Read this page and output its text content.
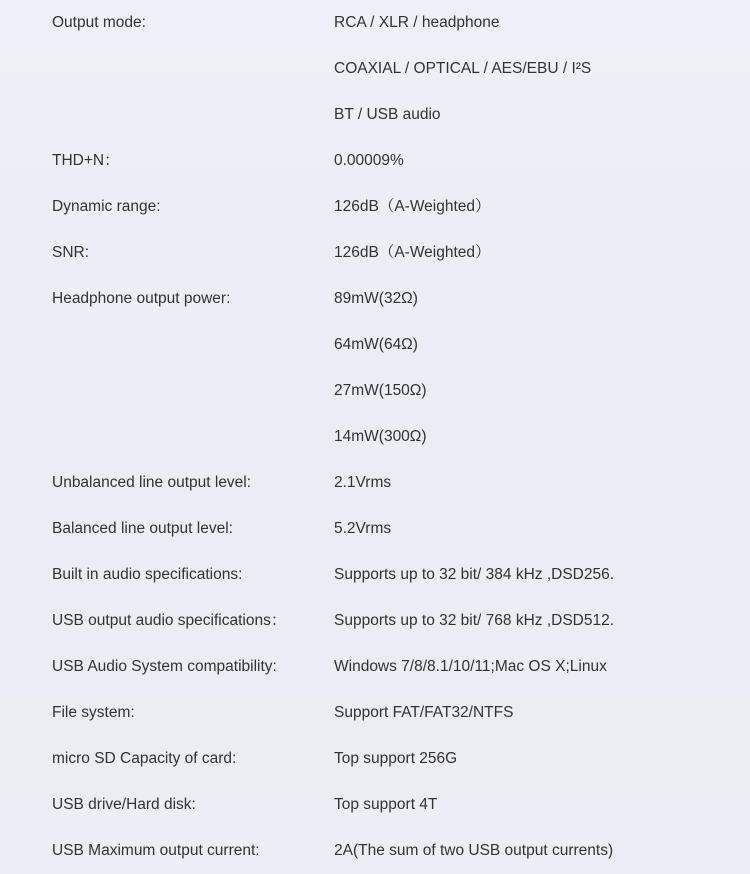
Output mode:	RCA / XLR / headphone
	COAXIAL / OPTICAL / AES/EBU / I²S
	BT / USB audio
THD+N：	0.00009%
Dynamic range:	126dB（A-Weighted）
SNR:	126dB（A-Weighted）
Headphone output power:	89mW(32Ω)
	64mW(64Ω)
	27mW(150Ω)
	14mW(300Ω)
Unbalanced line output level:	2.1Vrms
Balanced line output level:	5.2Vrms
Built in audio specifications:	Supports up to 32 bit/ 384 kHz ,DSD256.
USB output audio specifications：	Supports up to 32 bit/ 768 kHz ,DSD512.
USB Audio System compatibility:	Windows 7/8/8.1/10/11;Mac OS X;Linux
File system:	Support FAT/FAT32/NTFS
micro SD Capacity of card:	Top support 256G
USB drive/Hard disk:	Top support 4T
USB Maximum output current:	2A(The sum of two USB output currents)
